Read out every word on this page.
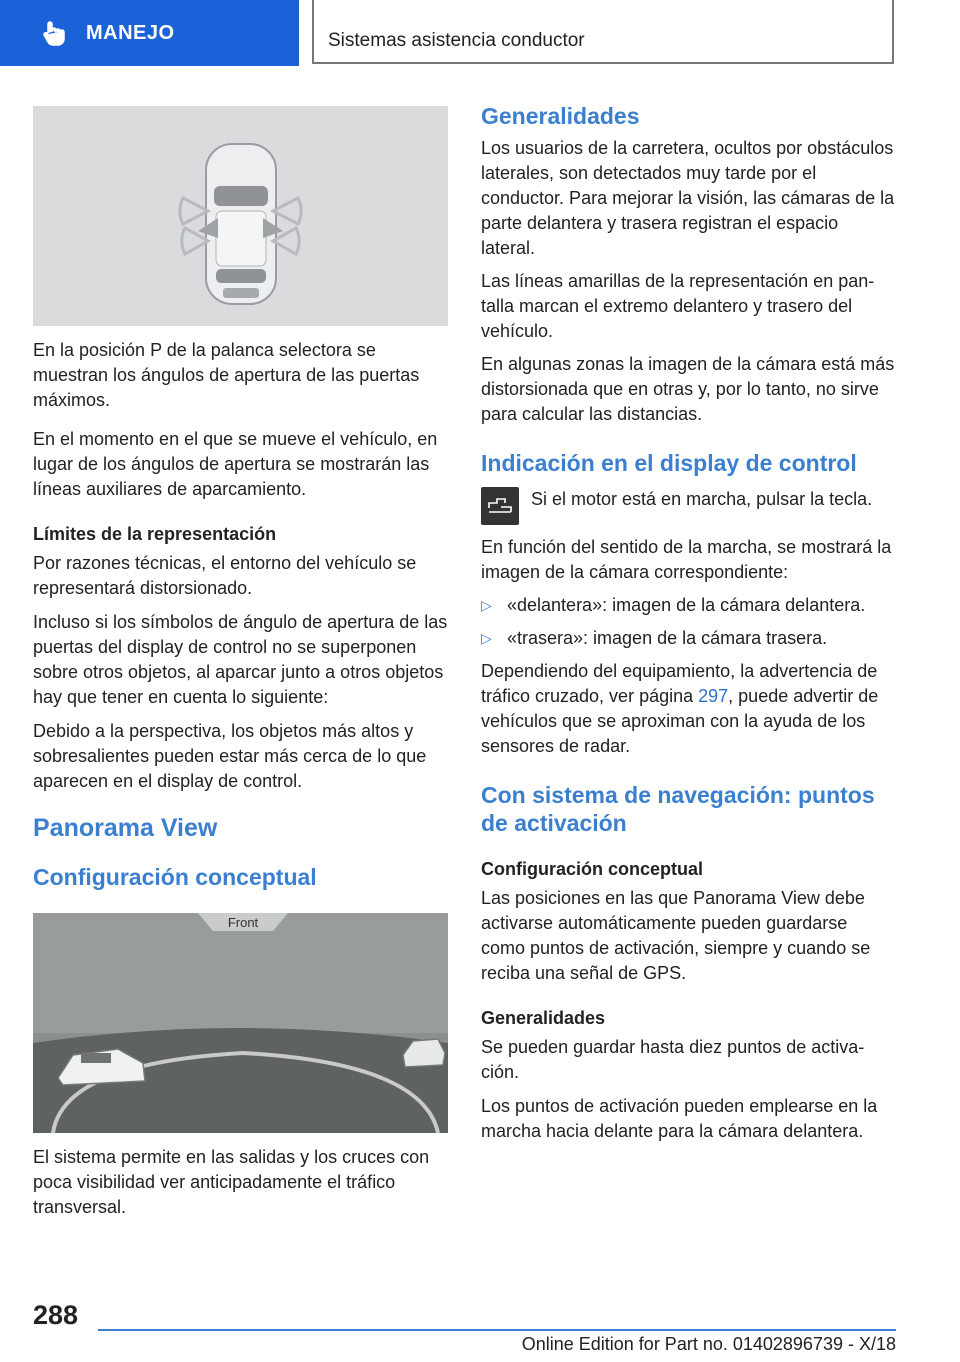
MANEJO	Sistemas asistencia conductor

En la posición P de la palanca selectora se muestran los ángulos de apertura de las puertas máximos.

En el momento en el que se mueve el vehículo, en lugar de los ángulos de apertura se mostrarán las líneas auxiliares de aparcamiento.

Límites de la representación

Por razones técnicas, el entorno del vehículo se representará distorsionado.

Incluso si los símbolos de ángulo de apertura de las puertas del display de control no se superponen sobre otros objetos, al aparcar junto a otros objetos hay que tener en cuenta lo siguiente:

Debido a la perspectiva, los objetos más altos y sobresalientes pueden estar más cerca de lo que aparecen en el display de control.

Panorama View
Configuración conceptual
Front

El sistema permite en las salidas y los cruces con poca visibilidad ver anticipadamente el tráfico transversal.

Generalidades

Los usuarios de la carretera, ocultos por obstáculos laterales, son detectados muy tarde por el conductor. Para mejorar la visión, las cámaras de la parte delantera y trasera registran el espacio lateral.

Las líneas amarillas de la representación en pantalla marcan el extremo delantero y trasero del vehículo.

En algunas zonas la imagen de la cámara está más distorsionada que en otras y, por lo tanto, no sirve para calcular las distancias.

Indicación en el display de control

Si el motor está en marcha, pulsar la tecla.

En función del sentido de la marcha, se mostrará la imagen de la cámara correspondiente:

▷ «delantera»: imagen de la cámara delantera.
▷ «trasera»: imagen de la cámara trasera.

Dependiendo del equipamiento, la advertencia de tráfico cruzado, ver página 297, puede advertir de vehículos que se aproximan con la ayuda de los sensores de radar.

Con sistema de navegación: puntos de activación
Configuración conceptual

Las posiciones en las que Panorama View debe activarse automáticamente pueden guardarse como puntos de activación, siempre y cuando se reciba una señal de GPS.

Generalidades

Se pueden guardar hasta diez puntos de activación.

Los puntos de activación pueden emplearse en la marcha hacia delante para la cámara delantera.

288
Online Edition for Part no. 01402896739 - X/18
